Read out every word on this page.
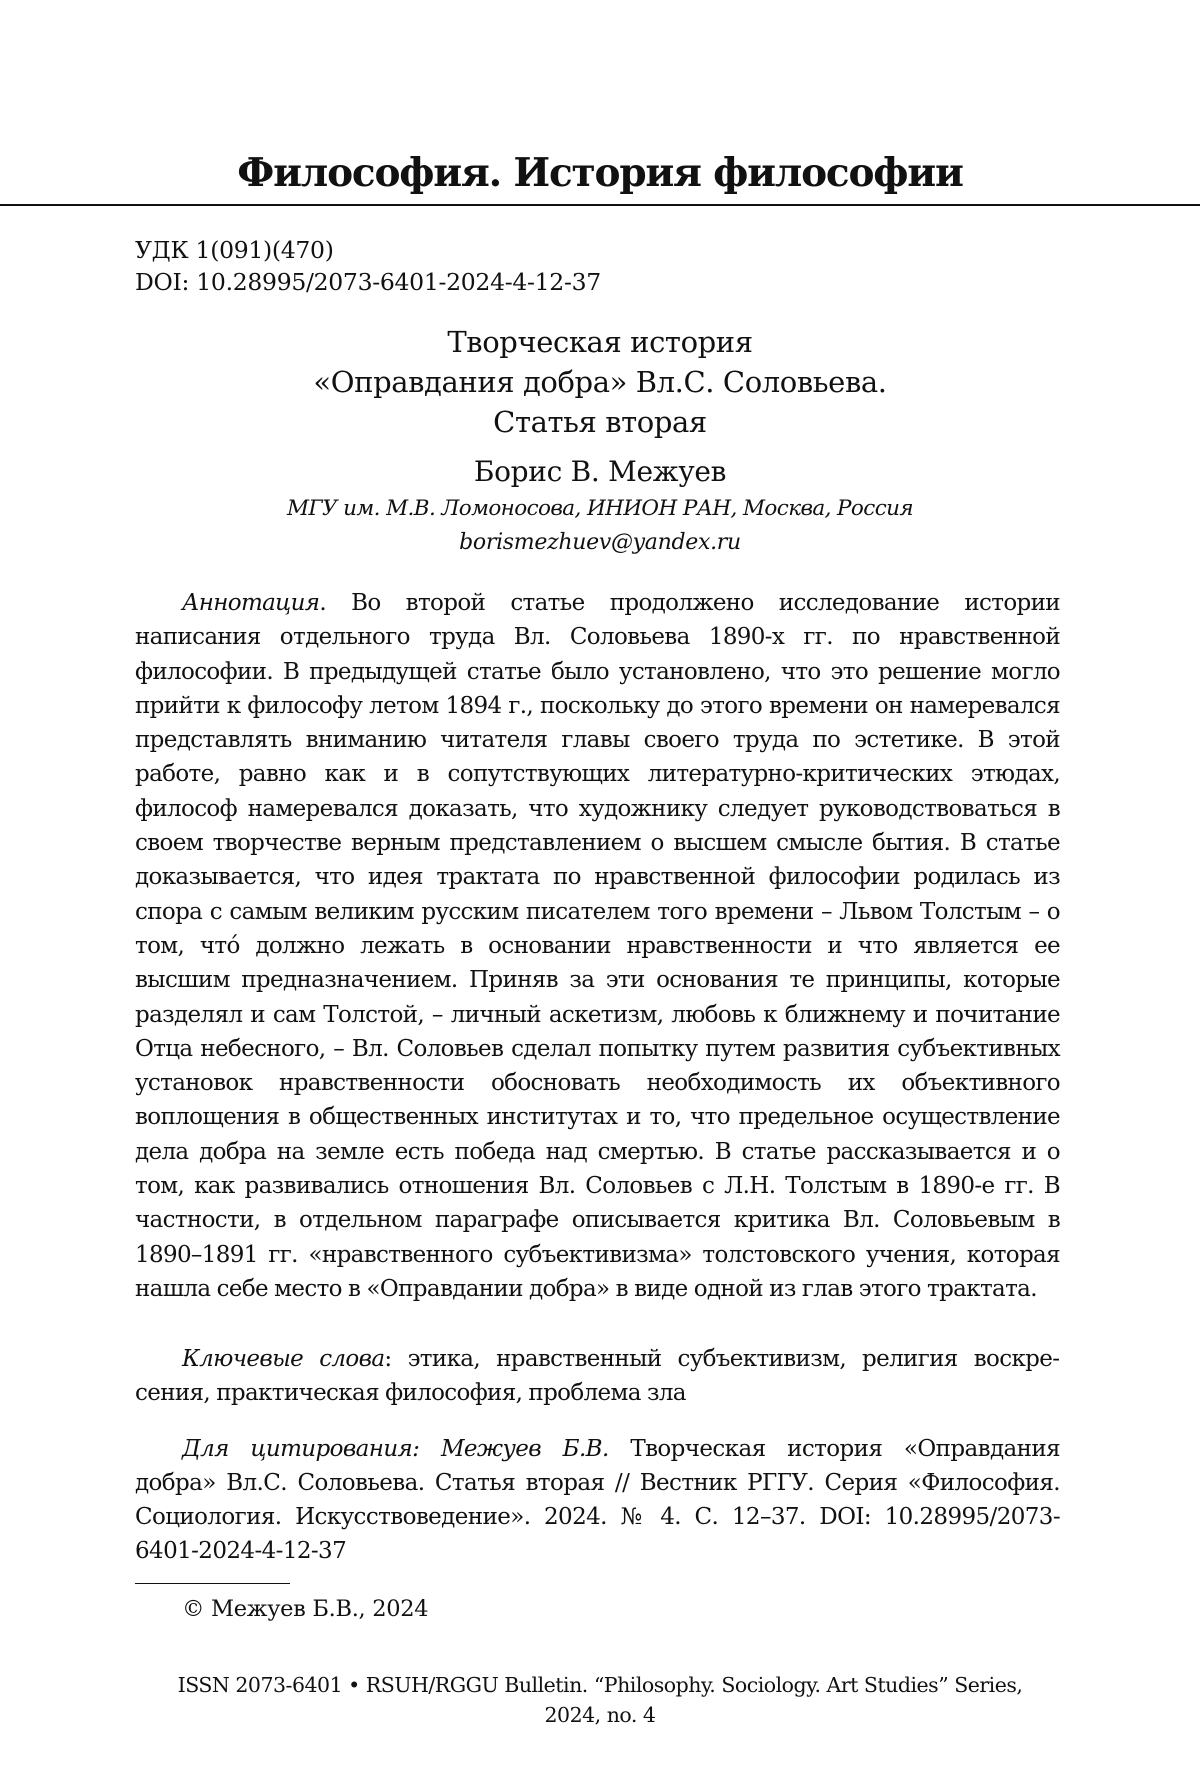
Философия. История философии
УДК 1(091)(470)
DOI: 10.28995/2073-6401-2024-4-12-37
Творческая история
«Оправдания добра» Вл.С. Соловьева.
Статья вторая
Борис В. Межуев
МГУ им. М.В. Ломоносова, ИНИОН РАН, Москва, Россия
borismezhuev@yandex.ru

Аннотация. Во второй статье продолжено исследование истории написания отдельного труда Вл. Соловьева 1890-х гг. по нравственной философии. В предыдущей статье было установлено, что это решение могло прийти к философу летом 1894 г., поскольку до этого времени он намеревался представлять вниманию читателя главы своего труда по эстетике. В этой работе, равно как и в сопутствующих литературно-критических этюдах, философ намеревался доказать, что художнику следует руководствоваться в своем творчестве верным представлением о высшем смысле бытия. В статье доказывается, что идея трактата по нравственной философии родилась из спора с самым великим русским писателем того времени – Львом Толстым – о том, что́ должно лежать в основании нравственности и что является ее высшим предназначением. Приняв за эти основания те принципы, которые разделял и сам Толстой, – личный аскетизм, любовь к ближнему и почитание Отца небесного, – Вл. Соловьев сделал попытку путем развития субъективных установок нравственности обосновать необходимость их объективного воплощения в общественных институтах и то, что предельное осуществление дела добра на земле есть победа над смертью. В статье рассказывается и о том, как развивались отношения Вл. Соловьев с Л.Н. Толстым в 1890-е гг. В частности, в отдельном параграфе описывается критика Вл. Соловьевым в 1890–1891 гг. «нравственного субъективизма» толстовского учения, которая нашла себе место в «Оправдании добра» в виде одной из глав этого трактата.

Ключевые слова: этика, нравственный субъективизм, религия воскресения, практическая философия, проблема зла

Для цитирования: Межуев Б.В. Творческая история «Оправдания добра» Вл.С. Соловьева. Статья вторая // Вестник РГГУ. Серия «Философия. Социология. Искусствоведение». 2024. № 4. С. 12–37. DOI: 10.28995/2073-6401-2024-4-12-37

© Межуев Б.В., 2024
ISSN 2073-6401 • RSUH/RGGU Bulletin. “Philosophy. Sociology. Art Studies” Series,
2024, no. 4
